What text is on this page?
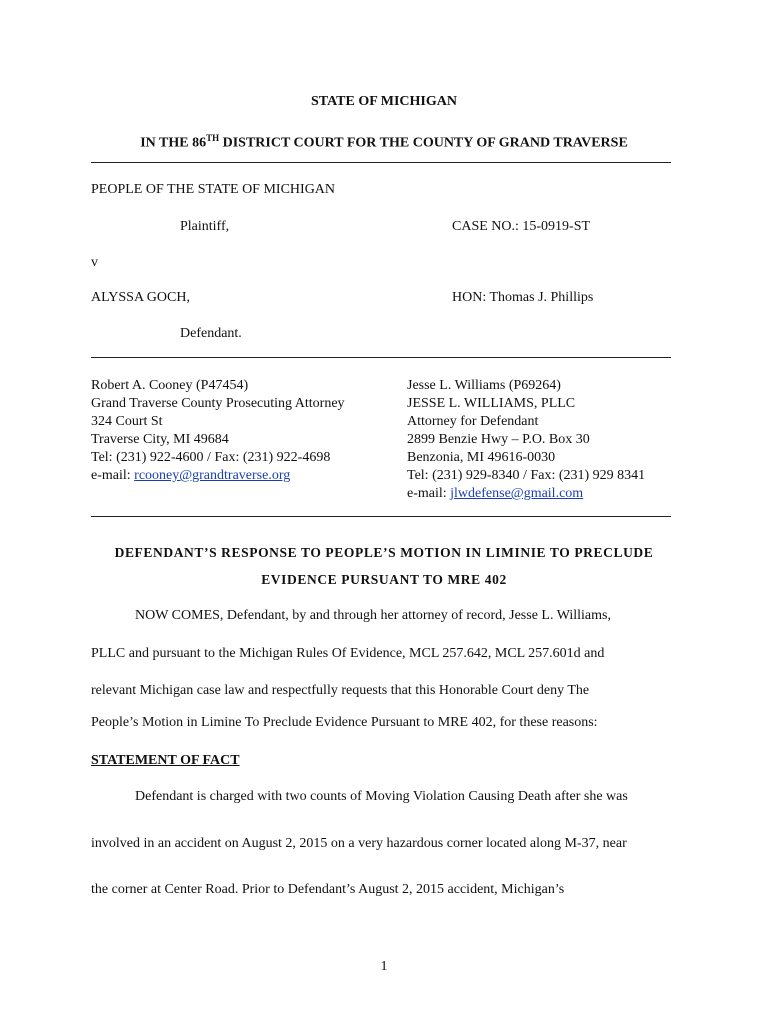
STATE OF MICHIGAN
IN THE 86TH DISTRICT COURT FOR THE COUNTY OF GRAND TRAVERSE
PEOPLE OF THE STATE OF MICHIGAN
Plaintiff,	CASE NO.: 15-0919-ST
v
ALYSSA GOCH,	HON: Thomas J. Phillips
Defendant.
Robert A. Cooney (P47454)
Grand Traverse County Prosecuting Attorney
324 Court St
Traverse City, MI 49684
Tel: (231) 922-4600 / Fax: (231) 922-4698
e-mail: rcooney@grandtraverse.org
Jesse L. Williams (P69264)
JESSE L. WILLIAMS, PLLC
Attorney for Defendant
2899 Benzie Hwy – P.O. Box 30
Benzonia, MI 49616-0030
Tel: (231) 929-8340 / Fax: (231) 929 8341
e-mail: jlwdefense@gmail.com
DEFENDANT’S RESPONSE TO PEOPLE’S MOTION IN LIMINIE TO PRECLUDE
EVIDENCE PURSUANT TO MRE 402
NOW COMES, Defendant, by and through her attorney of record, Jesse L. Williams,
PLLC and pursuant to the Michigan Rules Of Evidence, MCL 257.642, MCL 257.601d and
relevant Michigan case law and respectfully requests that this Honorable Court deny The
People’s Motion in Limine To Preclude Evidence Pursuant to MRE 402, for these reasons:
STATEMENT OF FACT
Defendant is charged with two counts of Moving Violation Causing Death after she was
involved in an accident on August 2, 2015 on a very hazardous corner located along M-37, near
the corner at Center Road. Prior to Defendant’s August 2, 2015 accident, Michigan’s
1
